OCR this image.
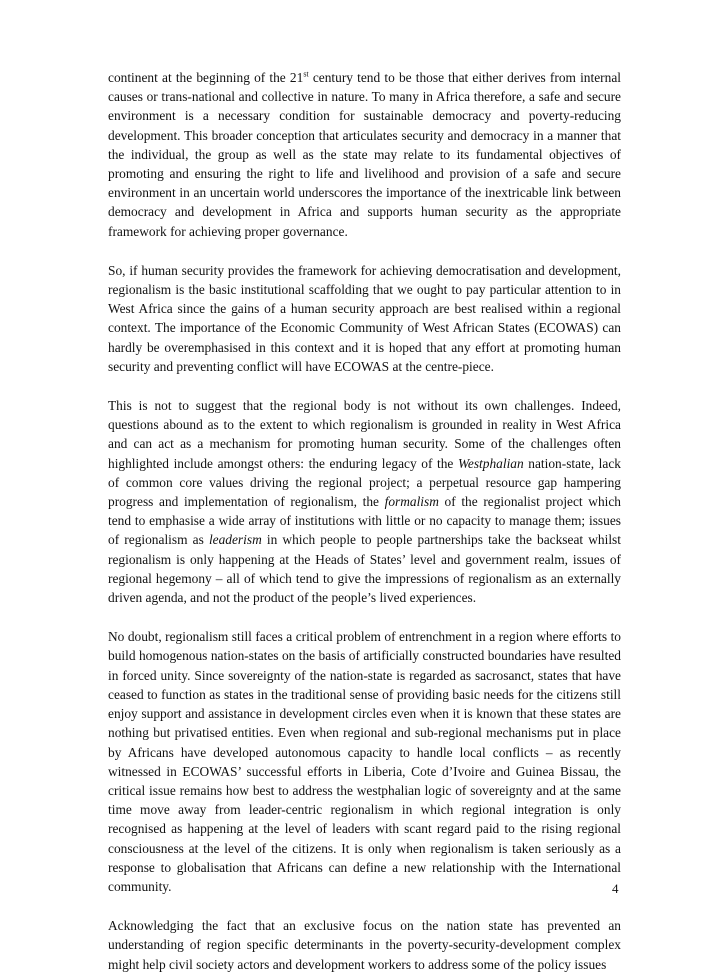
continent at the beginning of the 21st century tend to be those that either derives from internal causes or trans-national and collective in nature. To many in Africa therefore, a safe and secure environment is a necessary condition for sustainable democracy and poverty-reducing development. This broader conception that articulates security and democracy in a manner that the individual, the group as well as the state may relate to its fundamental objectives of promoting and ensuring the right to life and livelihood and provision of a safe and secure environment in an uncertain world underscores the importance of the inextricable link between democracy and development in Africa and supports human security as the appropriate framework for achieving proper governance.

So, if human security provides the framework for achieving democratisation and development, regionalism is the basic institutional scaffolding that we ought to pay particular attention to in West Africa since the gains of a human security approach are best realised within a regional context. The importance of the Economic Community of West African States (ECOWAS) can hardly be overemphasised in this context and it is hoped that any effort at promoting human security and preventing conflict will have ECOWAS at the centre-piece.

This is not to suggest that the regional body is not without its own challenges. Indeed, questions abound as to the extent to which regionalism is grounded in reality in West Africa and can act as a mechanism for promoting human security. Some of the challenges often highlighted include amongst others: the enduring legacy of the Westphalian nation-state, lack of common core values driving the regional project; a perpetual resource gap hampering progress and implementation of regionalism, the formalism of the regionalist project which tend to emphasise a wide array of institutions with little or no capacity to manage them; issues of regionalism as leaderism in which people to people partnerships take the backseat whilst regionalism is only happening at the Heads of States’ level and government realm, issues of regional hegemony – all of which tend to give the impressions of regionalism as an externally driven agenda, and not the product of the people’s lived experiences.

No doubt, regionalism still faces a critical problem of entrenchment in a region where efforts to build homogenous nation-states on the basis of artificially constructed boundaries have resulted in forced unity. Since sovereignty of the nation-state is regarded as sacrosanct, states that have ceased to function as states in the traditional sense of providing basic needs for the citizens still enjoy support and assistance in development circles even when it is known that these states are nothing but privatised entities. Even when regional and sub-regional mechanisms put in place by Africans have developed autonomous capacity to handle local conflicts – as recently witnessed in ECOWAS’ successful efforts in Liberia, Cote d’Ivoire and Guinea Bissau, the critical issue remains how best to address the westphalian logic of sovereignty and at the same time move away from leader-centric regionalism in which regional integration is only recognised as happening at the level of leaders with scant regard paid to the rising regional consciousness at the level of the citizens. It is only when regionalism is taken seriously as a response to globalisation that Africans can define a new relationship with the International community.

Acknowledging the fact that an exclusive focus on the nation state has prevented an understanding of region specific determinants in the poverty-security-development complex might help civil society actors and development workers to address some of the policy issues

4
